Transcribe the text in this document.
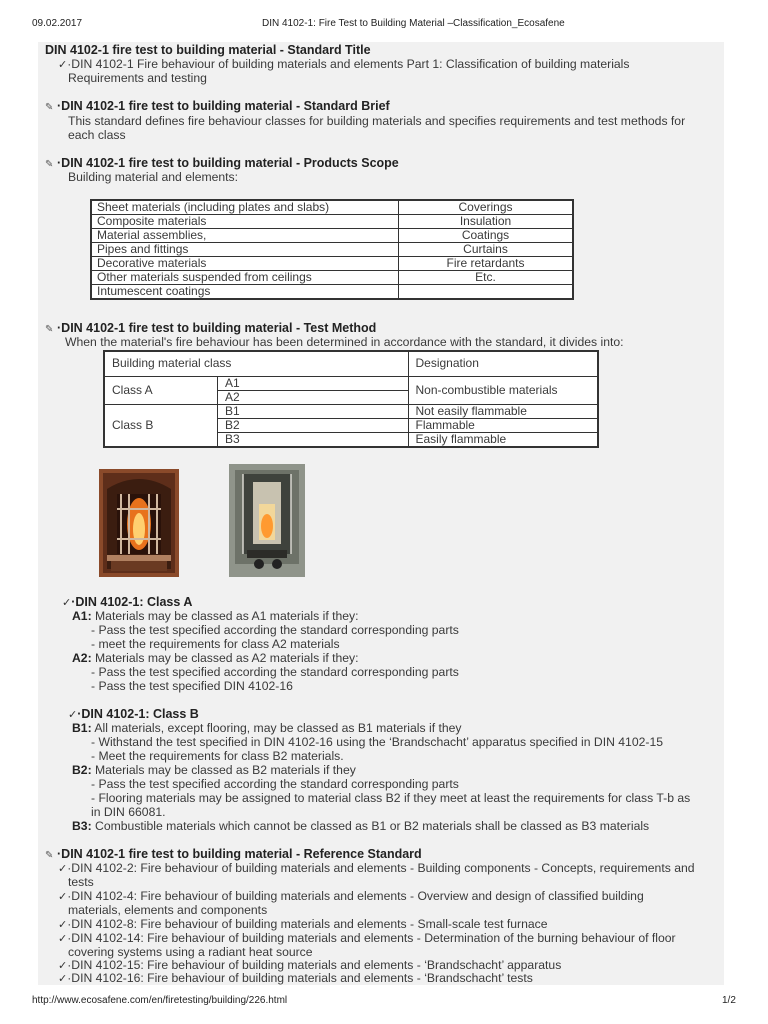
09.02.2017	DIN 4102-1: Fire Test to Building Material –Classification_Ecosafene
DIN 4102-1 fire test to building material - Standard Title
✓·DIN 4102-1 Fire behaviour of building materials and elements Part 1: Classification of building materials
Requirements and testing
✎ ·DIN 4102-1 fire test to building material - Standard Brief
This standard defines fire behaviour classes for building materials and specifies requirements and test methods for
each class
✎ ·DIN 4102-1 fire test to building material - Products Scope
Building material and elements:
Sheet materials (including plates and slabs)	Coverings
Composite materials	Insulation
Material assemblies,	Coatings
Pipes and fittings	Curtains
Decorative materials	Fire retardants
Other materials suspended from ceilings	Etc.
Intumescent coatings	
✎ ·DIN 4102-1 fire test to building material - Test Method
When the material's fire behaviour has been determined in accordance with the standard, it divides into:
Building material class		Designation
Class A	A1	Non-combustible materials
	A2	
Class B	B1	Not easily flammable
	B2	Flammable
	B3	Easily flammable
✓·DIN 4102-1: Class A
A1: Materials may be classed as A1 materials if they:
- Pass the test specified according the standard corresponding parts
- meet the requirements for class A2 materials
A2: Materials may be classed as A2 materials if they:
- Pass the test specified according the standard corresponding parts
- Pass the test specified DIN 4102-16
✓·DIN 4102-1: Class B
B1: All materials, except flooring, may be classed as B1 materials if they
- Withstand the test specified in DIN 4102-16 using the ‘Brandschacht’ apparatus specified in DIN 4102-15
- Meet the requirements for class B2 materials.
B2: Materials may be classed as B2 materials if they
- Pass the test specified according the standard corresponding parts
- Flooring materials may be assigned to material class B2 if they meet at least the requirements for class T-b as
in DIN 66081.
B3: Combustible materials which cannot be classed as B1 or B2 materials shall be classed as B3 materials
✎ ·DIN 4102-1 fire test to building material - Reference Standard
✓·DIN 4102-2: Fire behaviour of building materials and elements - Building components - Concepts, requirements and
tests
✓·DIN 4102-4: Fire behaviour of building materials and elements - Overview and design of classified building
materials, elements and components
✓·DIN 4102-8: Fire behaviour of building materials and elements - Small-scale test furnace
✓·DIN 4102-14: Fire behaviour of building materials and elements - Determination of the burning behaviour of floor
covering systems using a radiant heat source
✓·DIN 4102-15: Fire behaviour of building materials and elements - ‘Brandschacht’ apparatus
✓·DIN 4102-16: Fire behaviour of building materials and elements - ‘Brandschacht’ tests
http://www.ecosafene.com/en/firetesting/building/226.html	1/2
